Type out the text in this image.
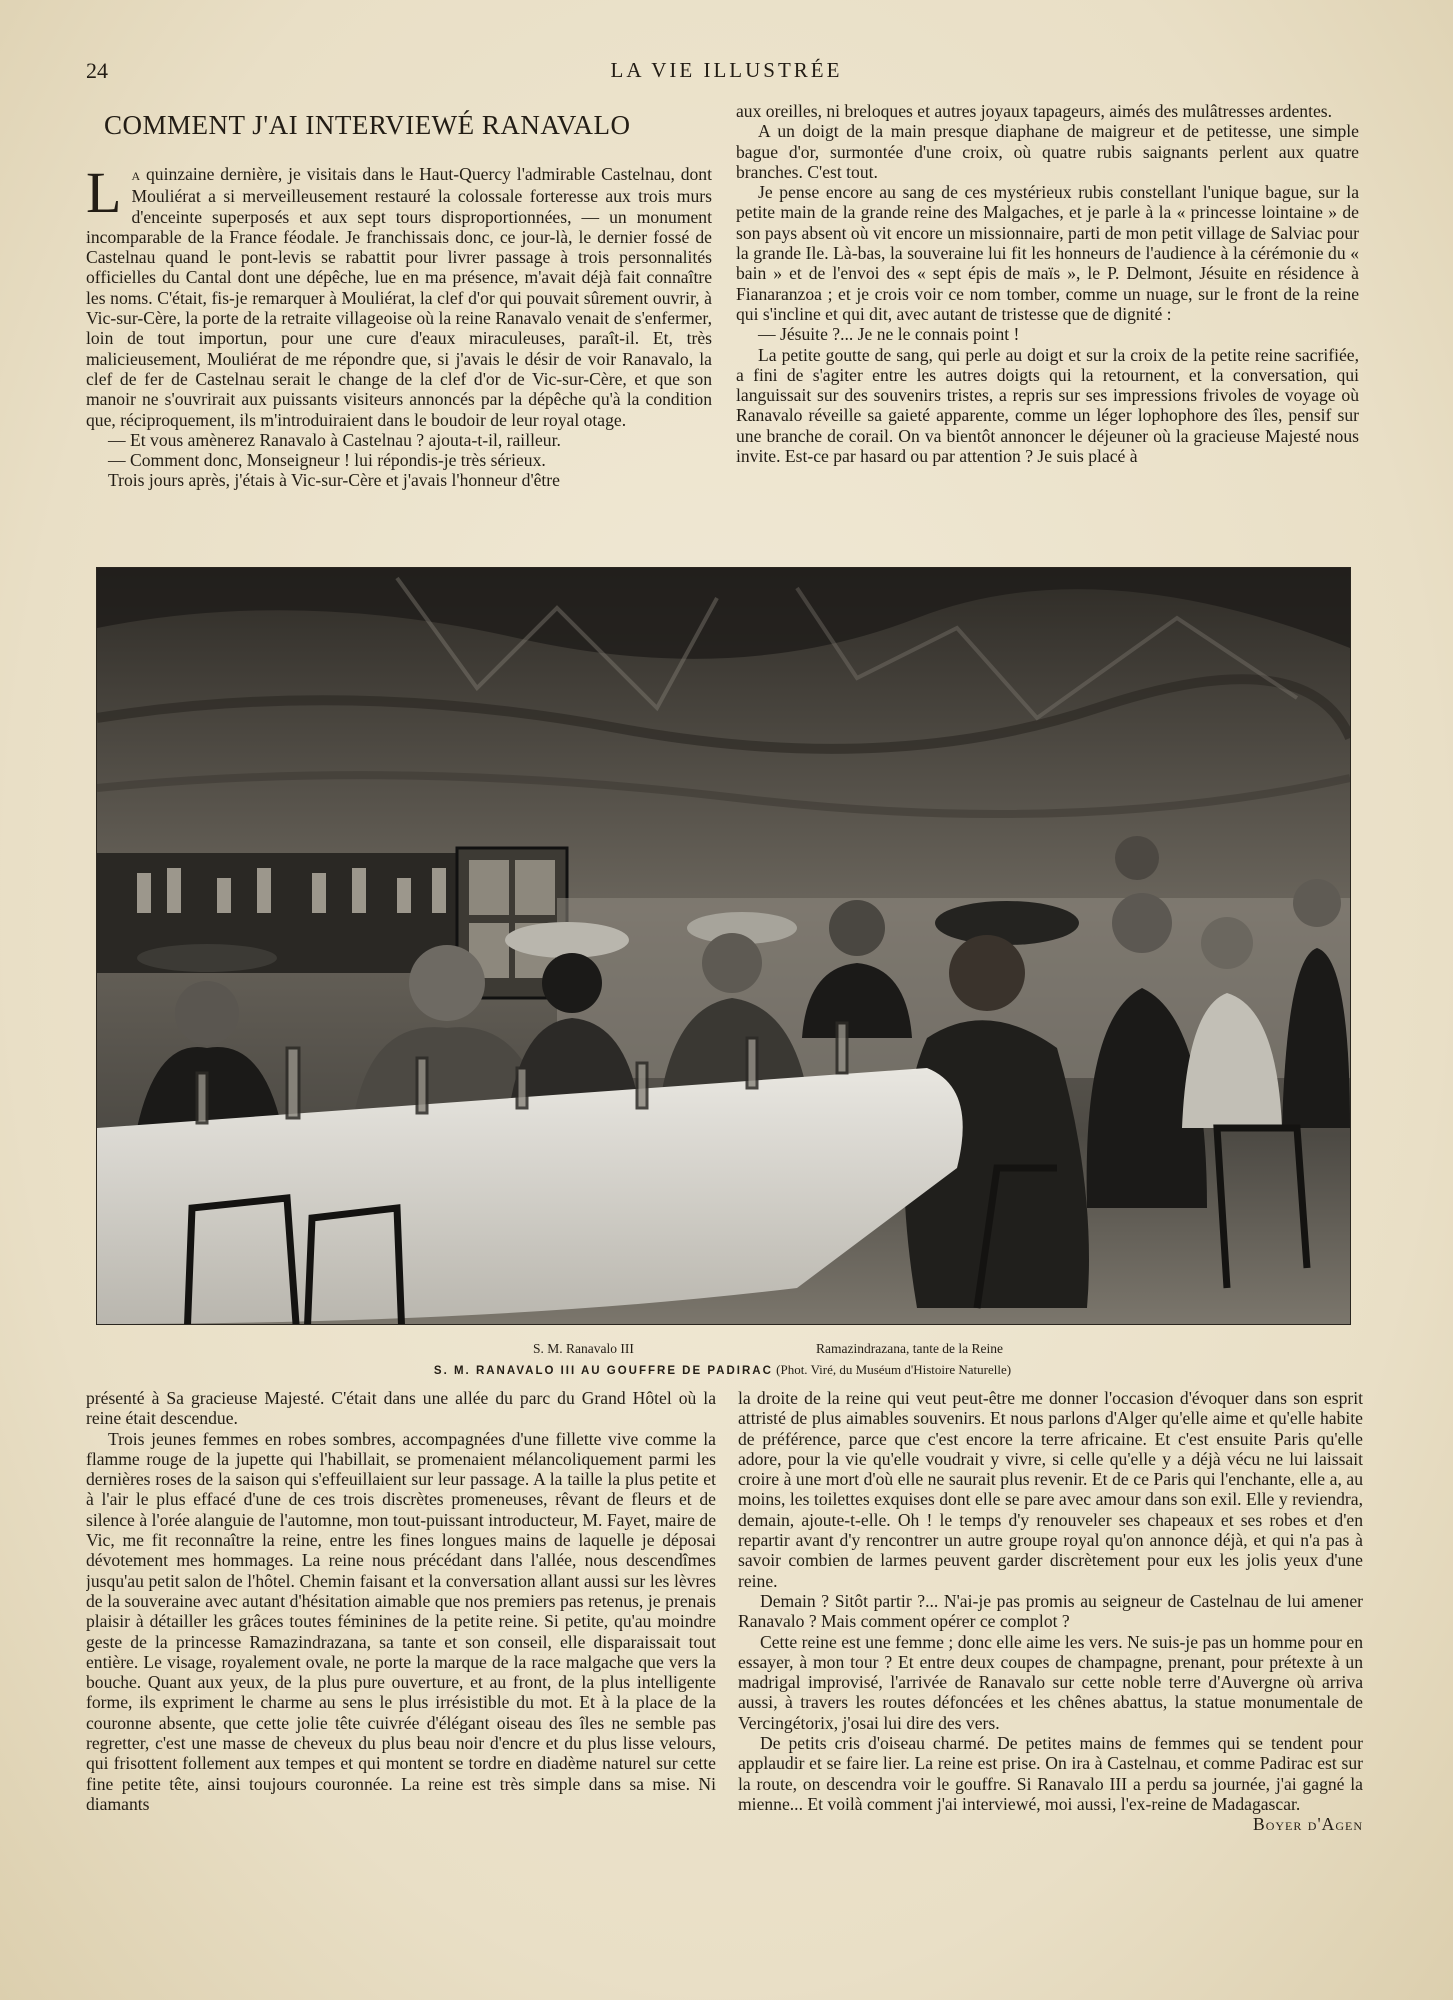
24	LA VIE ILLUSTRÉE
COMMENT J'AI INTERVIEWÉ RANAVALO

L A quinzaine dernière, je visitais dans le Haut-Quercy l'admirable Castelnau, dont Mouliérat a si merveilleusement restauré la colossale forteresse aux trois murs d'enceinte superposés et aux sept tours disproportionnées, — un monument incomparable de la France féodale. Je franchissais donc, ce jour-là, le dernier fossé de Castelnau quand le pont-levis se rabattit pour livrer passage à trois personnalités officielles du Cantal dont une dépêche, lue en ma présence, m'avait déjà fait connaître les noms. C'était, fis-je remarquer à Mouliérat, la clef d'or qui pouvait sûrement ouvrir, à Vic-sur-Cère, la porte de la retraite villageoise où la reine Ranavalo venait de s'enfermer, loin de tout importun, pour une cure d'eaux miraculeuses, paraît-il. Et, très malicieusement, Mouliérat de me répondre que, si j'avais le désir de voir Ranavalo, la clef de fer de Castelnau serait le change de la clef d'or de Vic-sur-Cère, et que son manoir ne s'ouvrirait aux puissants visiteurs annoncés par la dépêche qu'à la condition que, réciproquement, ils m'introduiraient dans le boudoir de leur royal otage.

— Et vous amènerez Ranavalo à Castelnau ? ajouta-t-il, railleur.

— Comment donc, Monseigneur ! lui répondis-je très sérieux.

Trois jours après, j'étais à Vic-sur-Cère et j'avais l'honneur d'être

aux oreilles, ni breloques et autres joyaux tapageurs, aimés des mulâtresses ardentes.

A un doigt de la main presque diaphane de maigreur et de petitesse, une simple bague d'or, surmontée d'une croix, où quatre rubis saignants perlent aux quatre branches. C'est tout.

Je pense encore au sang de ces mystérieux rubis constellant l'unique bague, sur la petite main de la grande reine des Malgaches, et je parle à la « princesse lointaine » de son pays absent où vit encore un missionnaire, parti de mon petit village de Salviac pour la grande Ile. Là-bas, la souveraine lui fit les honneurs de l'audience à la cérémonie du « bain » et de l'envoi des « sept épis de maïs », le P. Delmont, Jésuite en résidence à Fianaranzoa ; et je crois voir ce nom tomber, comme un nuage, sur le front de la reine qui s'incline et qui dit, avec autant de tristesse que de dignité :

— Jésuite ?... Je ne le connais point !

La petite goutte de sang, qui perle au doigt et sur la croix de la petite reine sacrifiée, a fini de s'agiter entre les autres doigts qui la retournent, et la conversation, qui languissait sur des souvenirs tristes, a repris sur ses impressions frivoles de voyage où Ranavalo réveille sa gaieté apparente, comme un léger lophophore des îles, pensif sur une branche de corail. On va bientôt annoncer le déjeuner où la gracieuse Majesté nous invite. Est-ce par hasard ou par attention ? Je suis placé à

S. M. Ranavalo III	Ramazindrazana, tante de la Reine
S. M. RANAVALO III AU GOUFFRE DE PADIRAC (Phot. Viré, du Muséum d'Histoire Naturelle)

présenté à Sa gracieuse Majesté. C'était dans une allée du parc du Grand Hôtel où la reine était descendue.

Trois jeunes femmes en robes sombres, accompagnées d'une fillette vive comme la flamme rouge de la jupette qui l'habillait, se promenaient mélancoliquement parmi les dernières roses de la saison qui s'effeuillaient sur leur passage. A la taille la plus petite et à l'air le plus effacé d'une de ces trois discrètes promeneuses, rêvant de fleurs et de silence à l'orée alanguie de l'automne, mon tout-puissant introducteur, M. Fayet, maire de Vic, me fit reconnaître la reine, entre les fines longues mains de laquelle je déposai dévotement mes hommages. La reine nous précédant dans l'allée, nous descendîmes jusqu'au petit salon de l'hôtel. Chemin faisant et la conversation allant aussi sur les lèvres de la souveraine avec autant d'hésitation aimable que nos premiers pas retenus, je prenais plaisir à détailler les grâces toutes féminines de la petite reine. Si petite, qu'au moindre geste de la princesse Ramazindrazana, sa tante et son conseil, elle disparaissait tout entière. Le visage, royalement ovale, ne porte la marque de la race malgache que vers la bouche. Quant aux yeux, de la plus pure ouverture, et au front, de la plus intelligente forme, ils expriment le charme au sens le plus irrésistible du mot. Et à la place de la couronne absente, que cette jolie tête cuivrée d'élégant oiseau des îles ne semble pas regretter, c'est une masse de cheveux du plus beau noir d'encre et du plus lisse velours, qui frisottent follement aux tempes et qui montent se tordre en diadème naturel sur cette fine petite tête, ainsi toujours couronnée. La reine est très simple dans sa mise. Ni diamants

la droite de la reine qui veut peut-être me donner l'occasion d'évoquer dans son esprit attristé de plus aimables souvenirs. Et nous parlons d'Alger qu'elle aime et qu'elle habite de préférence, parce que c'est encore la terre africaine. Et c'est ensuite Paris qu'elle adore, pour la vie qu'elle voudrait y vivre, si celle qu'elle y a déjà vécu ne lui laissait croire à une mort d'où elle ne saurait plus revenir. Et de ce Paris qui l'enchante, elle a, au moins, les toilettes exquises dont elle se pare avec amour dans son exil. Elle y reviendra, demain, ajoute-t-elle. Oh ! le temps d'y renouveler ses chapeaux et ses robes et d'en repartir avant d'y rencontrer un autre groupe royal qu'on annonce déjà, et qui n'a pas à savoir combien de larmes peuvent garder discrètement pour eux les jolis yeux d'une reine.

Demain ? Sitôt partir ?... N'ai-je pas promis au seigneur de Castelnau de lui amener Ranavalo ? Mais comment opérer ce complot ?

Cette reine est une femme ; donc elle aime les vers. Ne suis-je pas un homme pour en essayer, à mon tour ? Et entre deux coupes de champagne, prenant, pour prétexte à un madrigal improvisé, l'arrivée de Ranavalo sur cette noble terre d'Auvergne où arriva aussi, à travers les routes défoncées et les chênes abattus, la statue monumentale de Vercingétorix, j'osai lui dire des vers.

De petits cris d'oiseau charmé. De petites mains de femmes qui se tendent pour applaudir et se faire lier. La reine est prise. On ira à Castelnau, et comme Padirac est sur la route, on descendra voir le gouffre. Si Ranavalo III a perdu sa journée, j'ai gagné la mienne... Et voilà comment j'ai interviewé, moi aussi, l'ex-reine de Madagascar.
Boyer d'Agen
